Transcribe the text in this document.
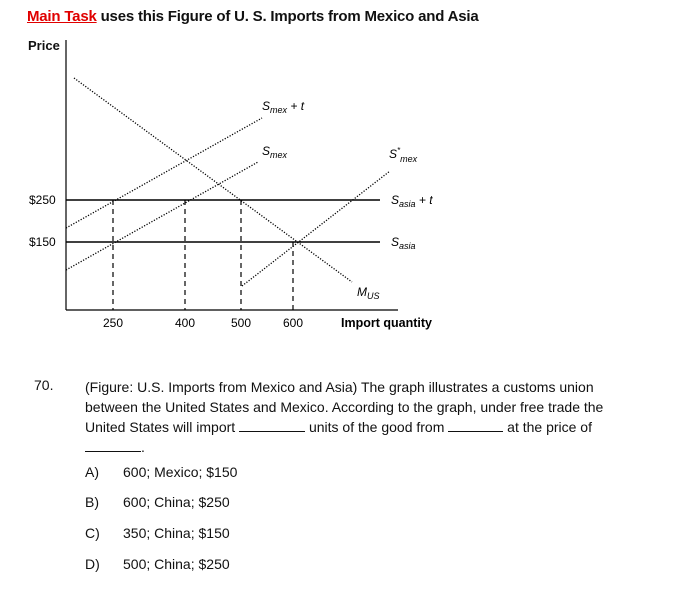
Main Task uses this Figure of U. S. Imports from Mexico and Asia
Price
$250
$150
250	400	500	600	Import quantity
$S_{mex} + t$
$S_{mex}$	$S^*_{mex}$
$S_{asia} + t$
$S_{asia}$
$M_{US}$
70. (Figure: U.S. Imports from Mexico and Asia) The graph illustrates a customs union between the United States and Mexico. According to the graph, under free trade the United States will import	units of the good from	at the price of
.
A) 600; Mexico; $150
B) 600; China; $250
C) 350; China; $150
D) 500; China; $250
